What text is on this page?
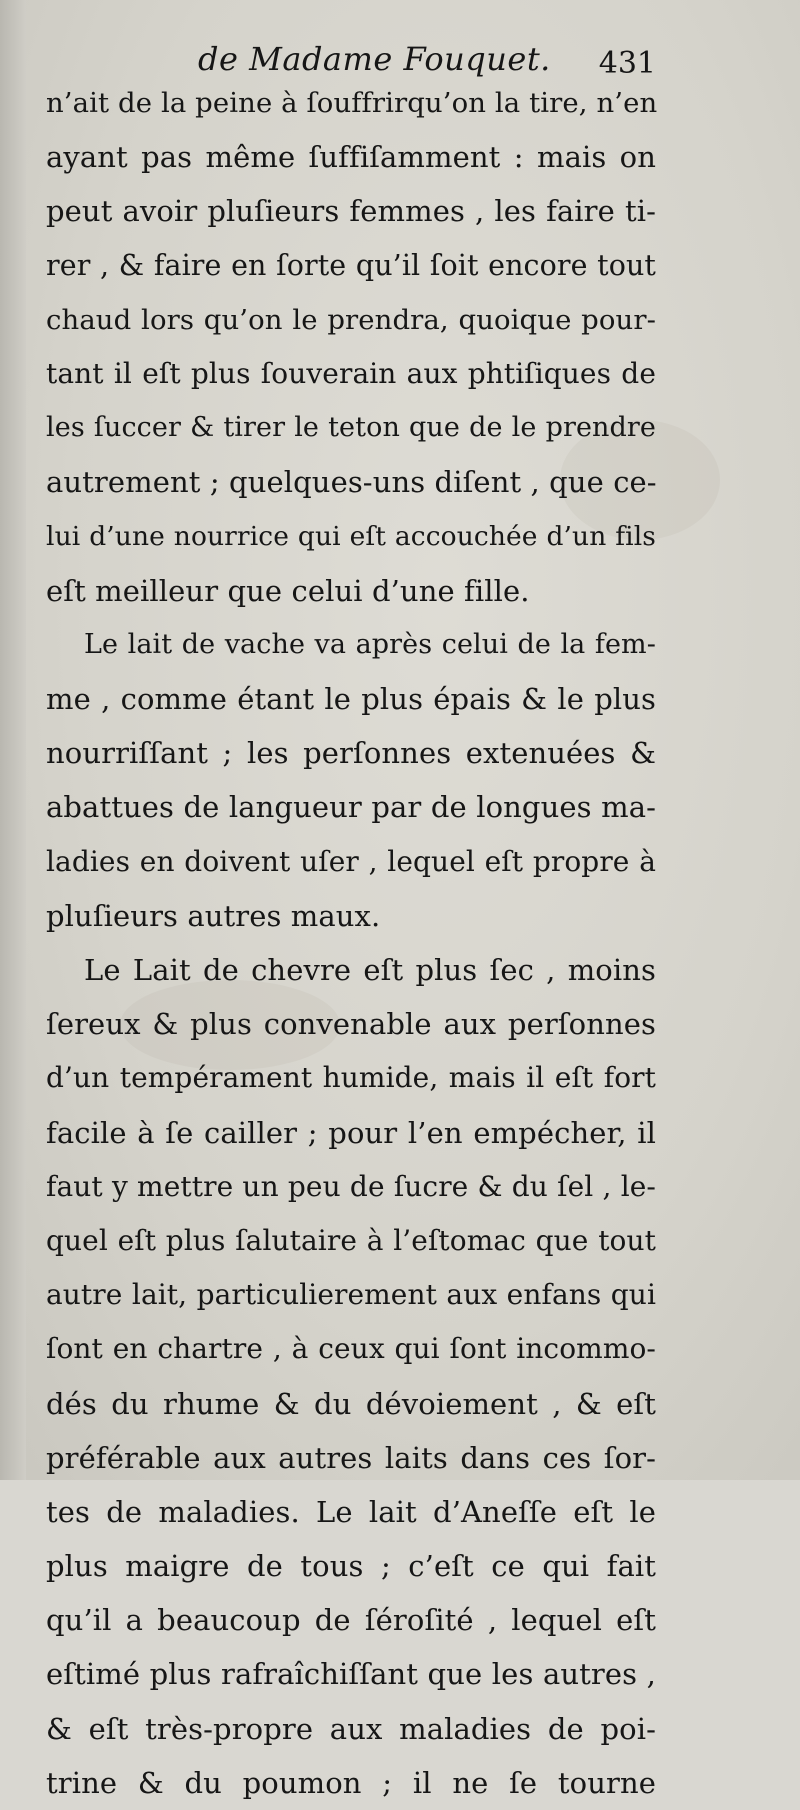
de Madame Fouquet. 431
n’ait de la peine à ſouffrirqu’on la tire, n’en
ayant pas même ſuffiſamment : mais on
peut avoir pluſieurs femmes , les faire ti-
rer , & faire en ſorte qu’il ſoit encore tout
chaud lors qu’on le prendra, quoique pour-
tant il eſt plus ſouverain aux phtiſiques de
les ſuccer & tirer le teton que de le prendre
autrement ; quelques-uns diſent , que ce-
lui d’une nourrice qui eſt accouchée d’un fils
eſt meilleur que celui d’une fille.
Le lait de vache va après celui de la fem-
me , comme étant le plus épais & le plus
nourriſſant ; les perſonnes extenuées &
abattues de langueur par de longues ma-
ladies en doivent uſer , lequel eſt propre à
pluſieurs autres maux.
Le Lait de chevre eſt plus ſec , moins
ſereux & plus convenable aux perſonnes
d’un tempérament humide, mais il eſt fort
facile à ſe cailler ; pour l’en empécher, il
faut y mettre un peu de ſucre & du ſel , le-
quel eſt plus ſalutaire à l’eſtomac que tout
autre lait, particulierement aux enfans qui
ſont en chartre , à ceux qui ſont incommo-
dés du rhume & du dévoiement , & eſt
préférable aux autres laits dans ces ſor-
tes de maladies. Le lait d’Aneſſe eſt le
plus maigre de tous ; c’eſt ce qui fait
qu’il a beaucoup de ſéroſité , lequel eſt
eſtimé plus rafraîchiſſant que les autres ,
& eſt très-propre aux maladies de poi-
trine & du poumon ; il ne ſe tourne
